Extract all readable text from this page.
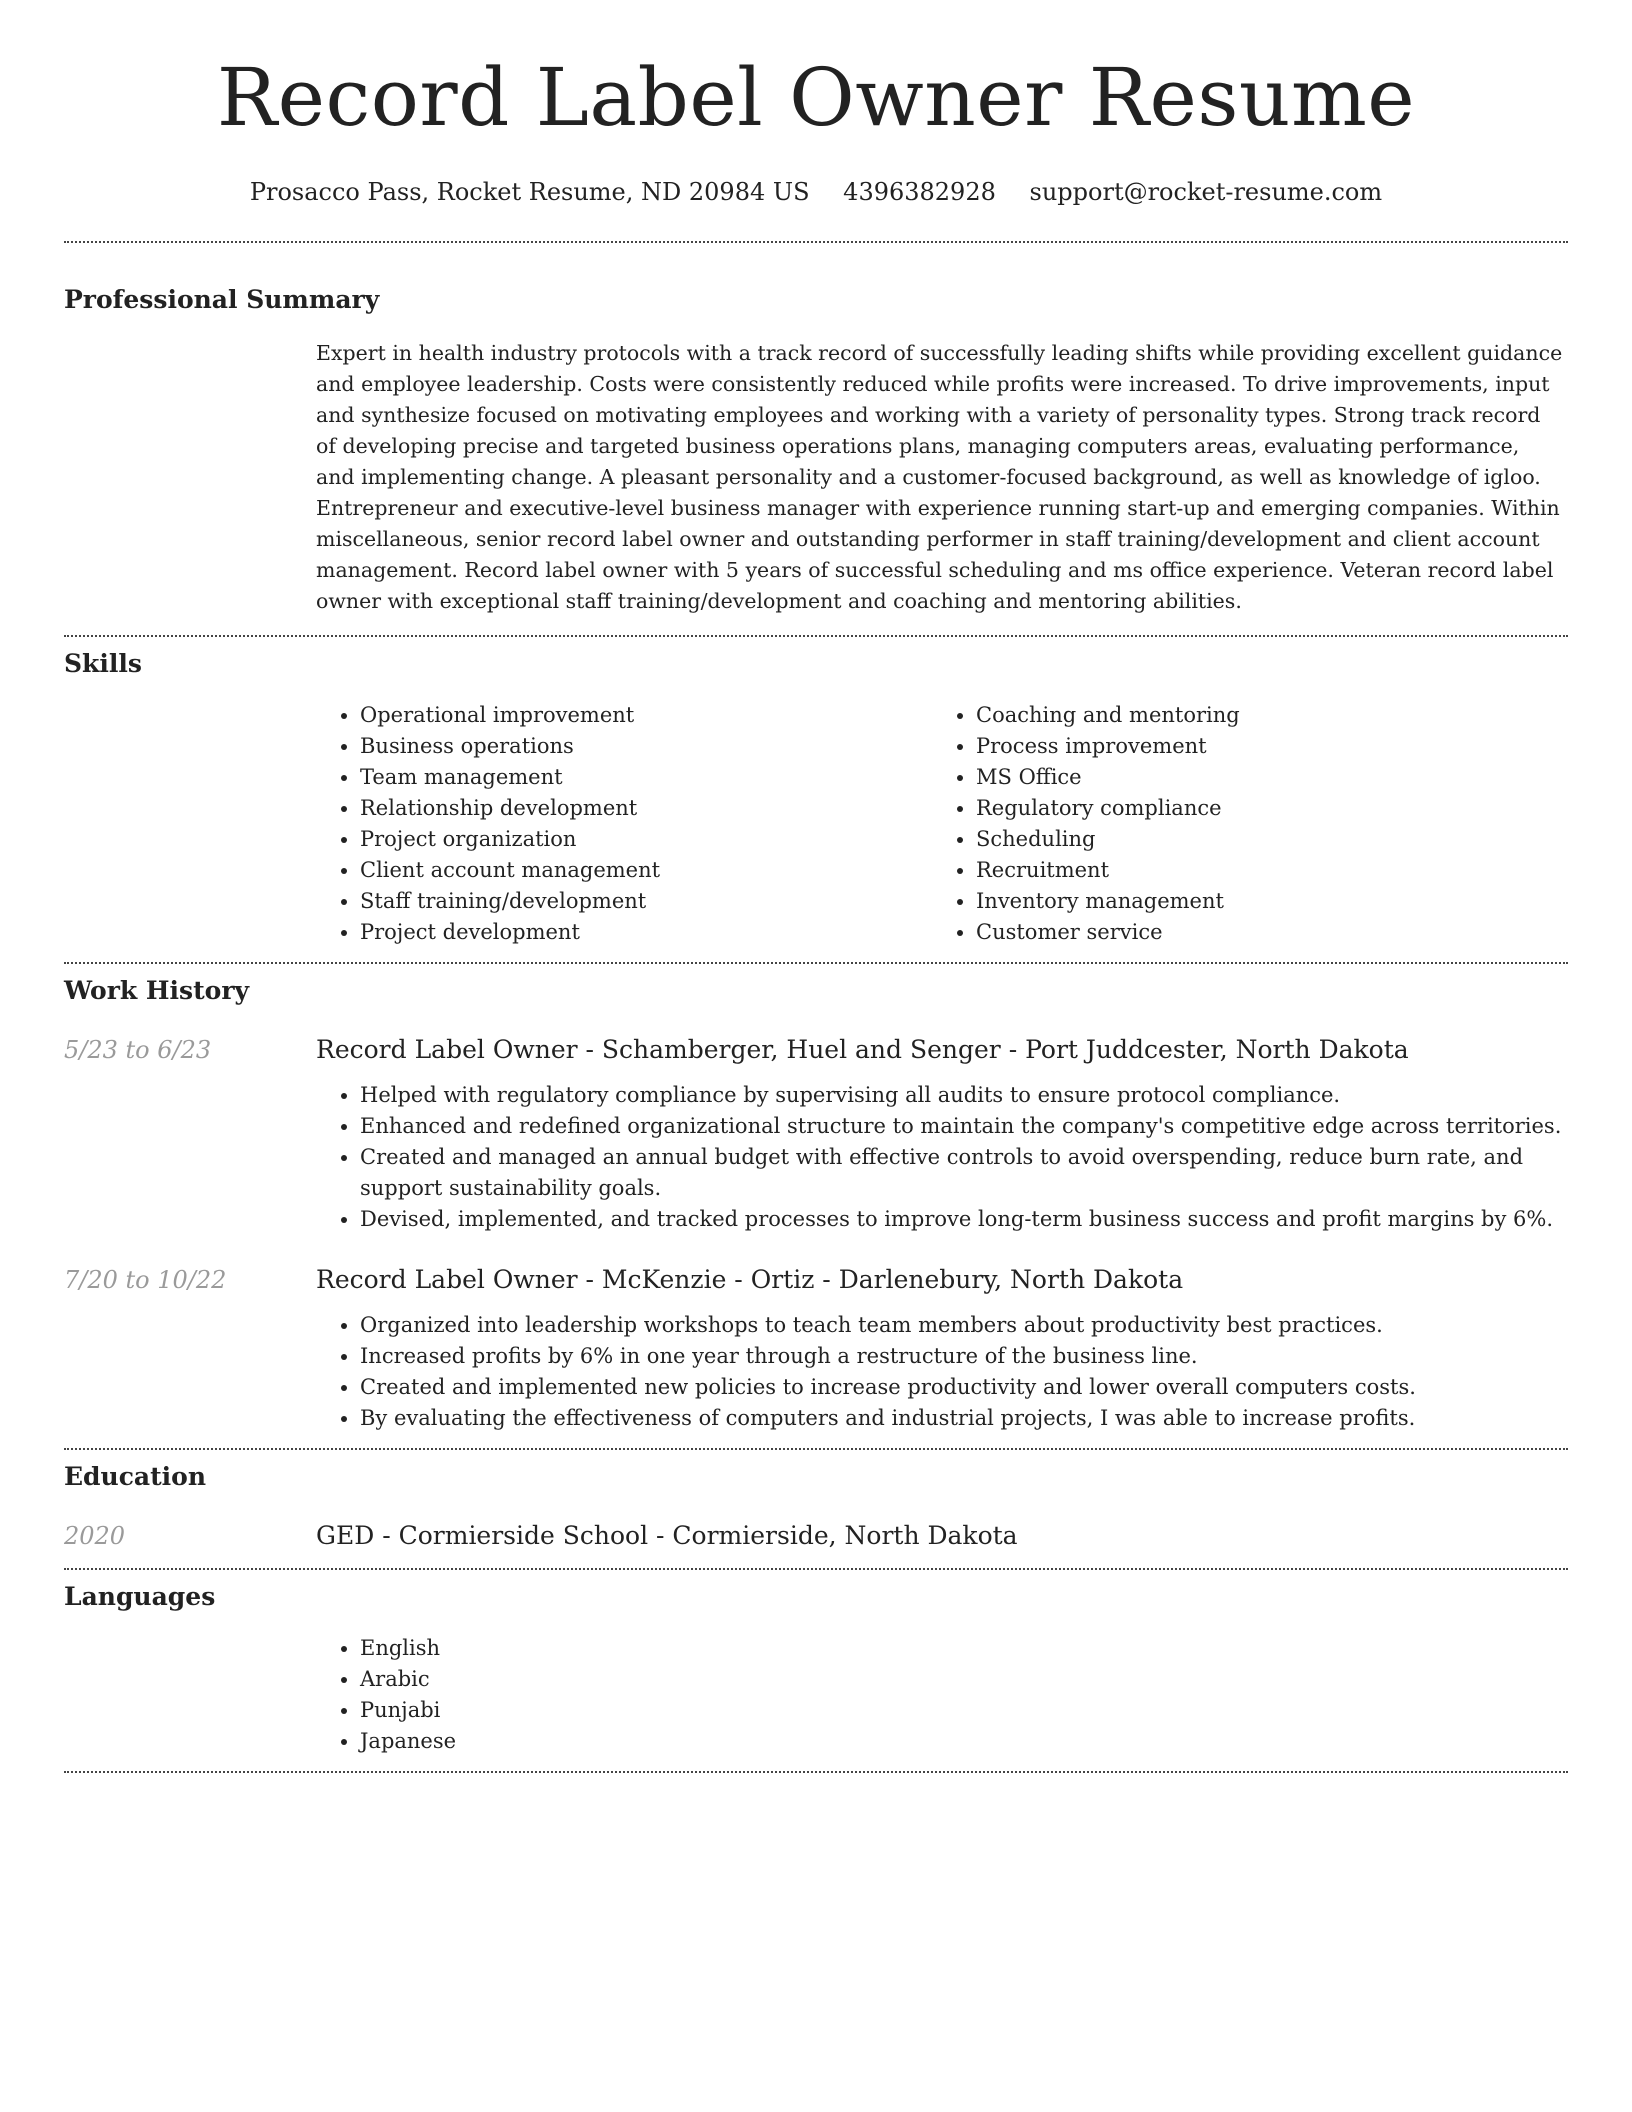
Record Label Owner Resume
Prosacco Pass, Rocket Resume, ND 20984 US 4396382928 support@rocket-resume.com
Professional Summary

Expert in health industry protocols with a track record of successfully leading shifts while providing excellent guidance and employee leadership. Costs were consistently reduced while profits were increased. To drive improvements, input and synthesize focused on motivating employees and working with a variety of personality types. Strong track record of developing precise and targeted business operations plans, managing computers areas, evaluating performance, and implementing change. A pleasant personality and a customer-focused background, as well as knowledge of igloo. Entrepreneur and executive-level business manager with experience running start-up and emerging companies. Within miscellaneous, senior record label owner and outstanding performer in staff training/development and client account management. Record label owner with 5 years of successful scheduling and ms office experience. Veteran record label owner with exceptional staff training/development and coaching and mentoring abilities.

Skills
• Operational improvement
• Business operations
• Team management
• Relationship development
• Project organization
• Client account management
• Staff training/development
• Project development
• Coaching and mentoring
• Process improvement
• MS Office
• Regulatory compliance
• Scheduling
• Recruitment
• Inventory management
• Customer service
Work History
5/23 to 6/23	Record Label Owner - Schamberger, Huel and Senger - Port Juddcester, North Dakota
• Helped with regulatory compliance by supervising all audits to ensure protocol compliance.
• Enhanced and redefined organizational structure to maintain the company's competitive edge across territories.
• Created and managed an annual budget with effective controls to avoid overspending, reduce burn rate, and support sustainability goals.
• Devised, implemented, and tracked processes to improve long-term business success and profit margins by 6%.
7/20 to 10/22	Record Label Owner - McKenzie - Ortiz - Darlenebury, North Dakota
• Organized into leadership workshops to teach team members about productivity best practices.
• Increased profits by 6% in one year through a restructure of the business line.
• Created and implemented new policies to increase productivity and lower overall computers costs.
• By evaluating the effectiveness of computers and industrial projects, I was able to increase profits.
Education
2020	GED - Cormierside School - Cormierside, North Dakota
Languages
• English
• Arabic
• Punjabi
• Japanese
